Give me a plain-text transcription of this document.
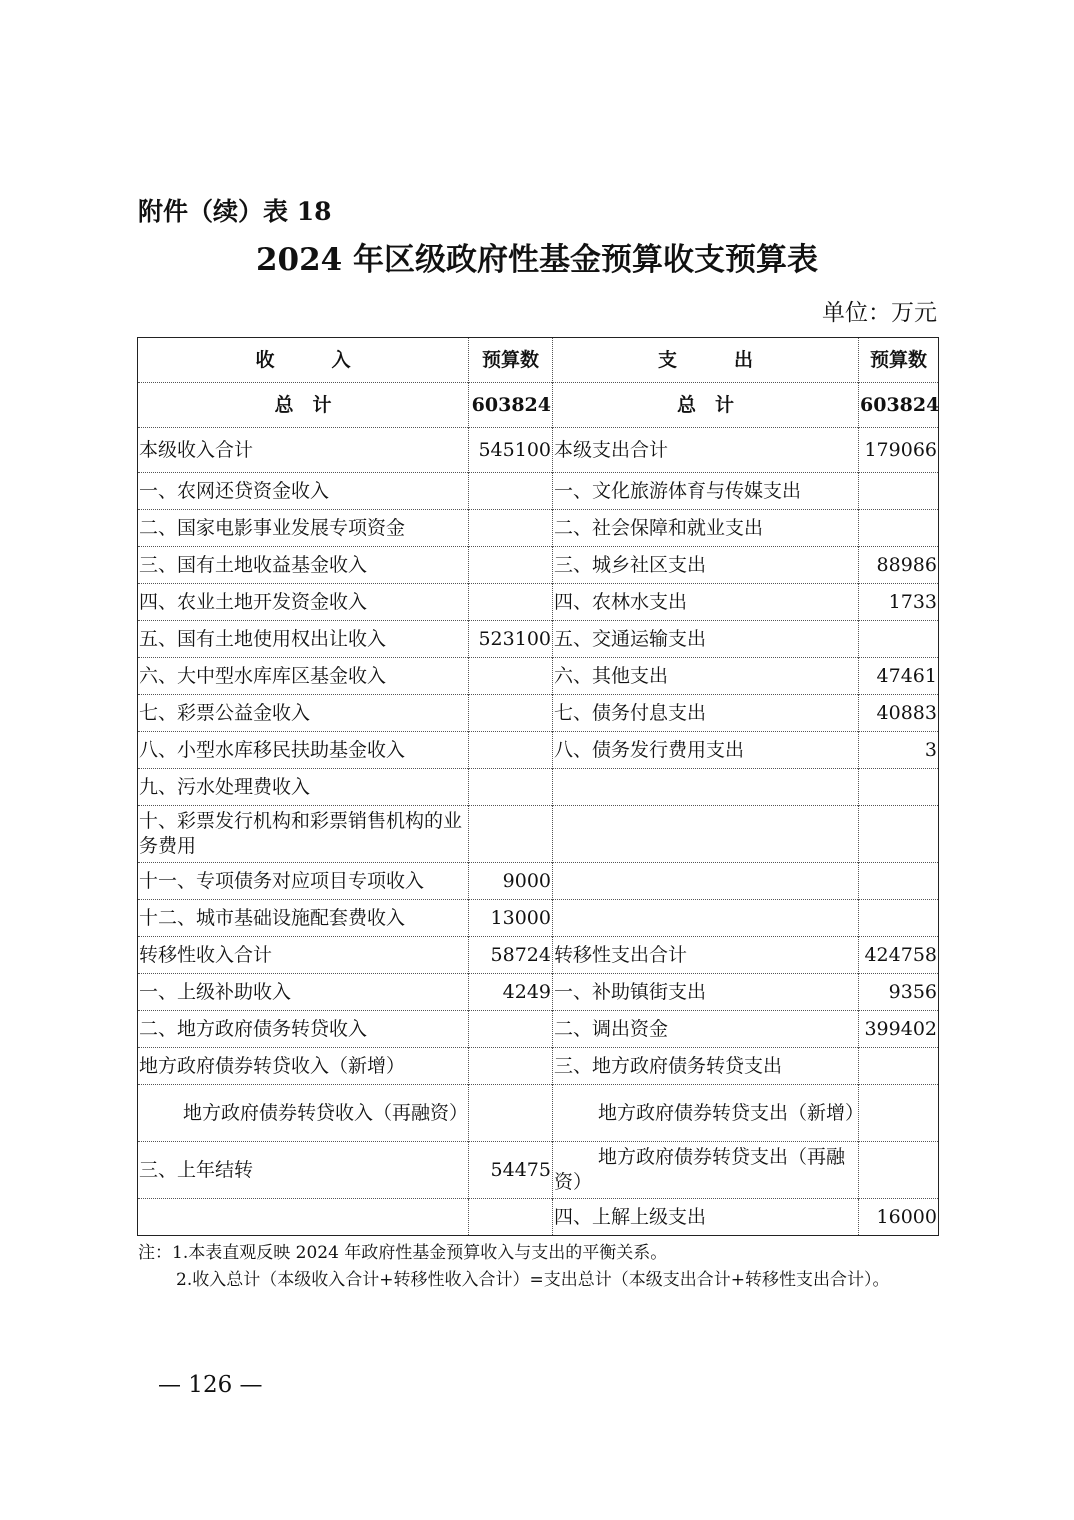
附件（续）表 18
2024 年区级政府性基金预算收支预算表
单位：万元
收　　　入	预算数	支　　　出	预算数
总　计	603824	总　计	603824
本级收入合计	545100	本级支出合计	179066
一、农网还贷资金收入		一、文化旅游体育与传媒支出	
二、国家电影事业发展专项资金		二、社会保障和就业支出	
三、国有土地收益基金收入		三、城乡社区支出	88986
四、农业土地开发资金收入		四、农林水支出	1733
五、国有土地使用权出让收入	523100	五、交通运输支出	
六、大中型水库库区基金收入		六、其他支出	47461
七、彩票公益金收入		七、债务付息支出	40883
八、小型水库移民扶助基金收入		八、债务发行费用支出	3
九、污水处理费收入			
十、彩票发行机构和彩票销售机构的业务费用			
十一、专项债务对应项目专项收入	9000		
十二、城市基础设施配套费收入	13000		
转移性收入合计	58724	转移性支出合计	424758
一、上级补助收入	4249	一、补助镇街支出	9356
二、地方政府债务转贷收入		二、调出资金	399402
地方政府债券转贷收入（新增）		三、地方政府债务转贷支出	
地方政府债券转贷收入（再融资）		地方政府债券转贷支出（新增）	
三、上年结转	54475	地方政府债券转贷支出（再融资）	
		四、上解上级支出	16000
注：1.本表直观反映 2024 年政府性基金预算收入与支出的平衡关系。
2.收入总计（本级收入合计+转移性收入合计）=支出总计（本级支出合计+转移性支出合计）。
— 126 —
